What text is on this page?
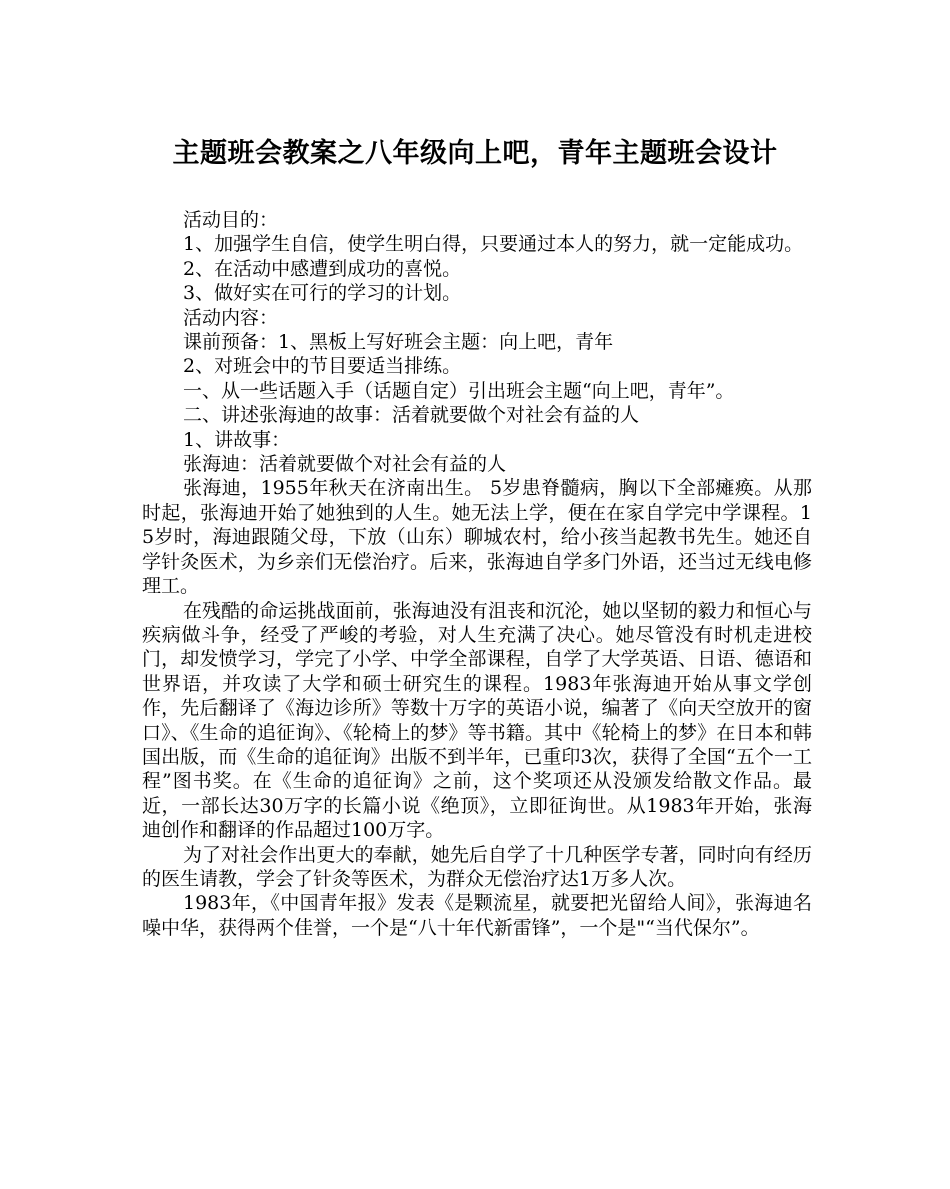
主题班会教案之八年级向上吧，青年主题班会设计

活动目的：

1、加强学生自信，使学生明白得，只要通过本人的努力，就一定能成功。

2、在活动中感遭到成功的喜悦。

3、做好实在可行的学习的计划。

活动内容：

课前预备：1、黑板上写好班会主题：向上吧，青年

2、对班会中的节目要适当排练。

一、从一些话题入手（话题自定）引出班会主题“向上吧，青年”。

二、讲述张海迪的故事：活着就要做个对社会有益的人

1、讲故事：

张海迪：活着就要做个对社会有益的人

张海迪，1955年秋天在济南出生。 5岁患脊髓病，胸以下全部瘫痪。从那时起，张海迪开始了她独到的人生。她无法上学，便在在家自学完中学课程。15岁时，海迪跟随父母，下放（山东）聊城农村，给小孩当起教书先生。她还自学针灸医术，为乡亲们无偿治疗。后来，张海迪自学多门外语，还当过无线电修理工。

在残酷的命运挑战面前，张海迪没有沮丧和沉沦，她以坚韧的毅力和恒心与疾病做斗争，经受了严峻的考验，对人生充满了决心。她尽管没有时机走进校门，却发愤学习，学完了小学、中学全部课程，自学了大学英语、日语、德语和世界语，并攻读了大学和硕士研究生的课程。1983年张海迪开始从事文学创作，先后翻译了《海边诊所》等数十万字的英语小说，编著了《向天空放开的窗口》、《生命的追征询》、《轮椅上的梦》等书籍。其中《轮椅上的梦》在日本和韩国出版，而《生命的追征询》出版不到半年，已重印3次，获得了全国“五个一工程”图书奖。在《生命的追征询》之前，这个奖项还从没颁发给散文作品。最近，一部长达30万字的长篇小说《绝顶》，立即征询世。从1983年开始，张海迪创作和翻译的作品超过100万字。

为了对社会作出更大的奉献，她先后自学了十几种医学专著，同时向有经历的医生请教，学会了针灸等医术，为群众无偿治疗达1万多人次。

1983年，《中国青年报》发表《是颗流星，就要把光留给人间》，张海迪名噪中华，获得两个佳誉，一个是“八十年代新雷锋”，一个是"“当代保尔”。
